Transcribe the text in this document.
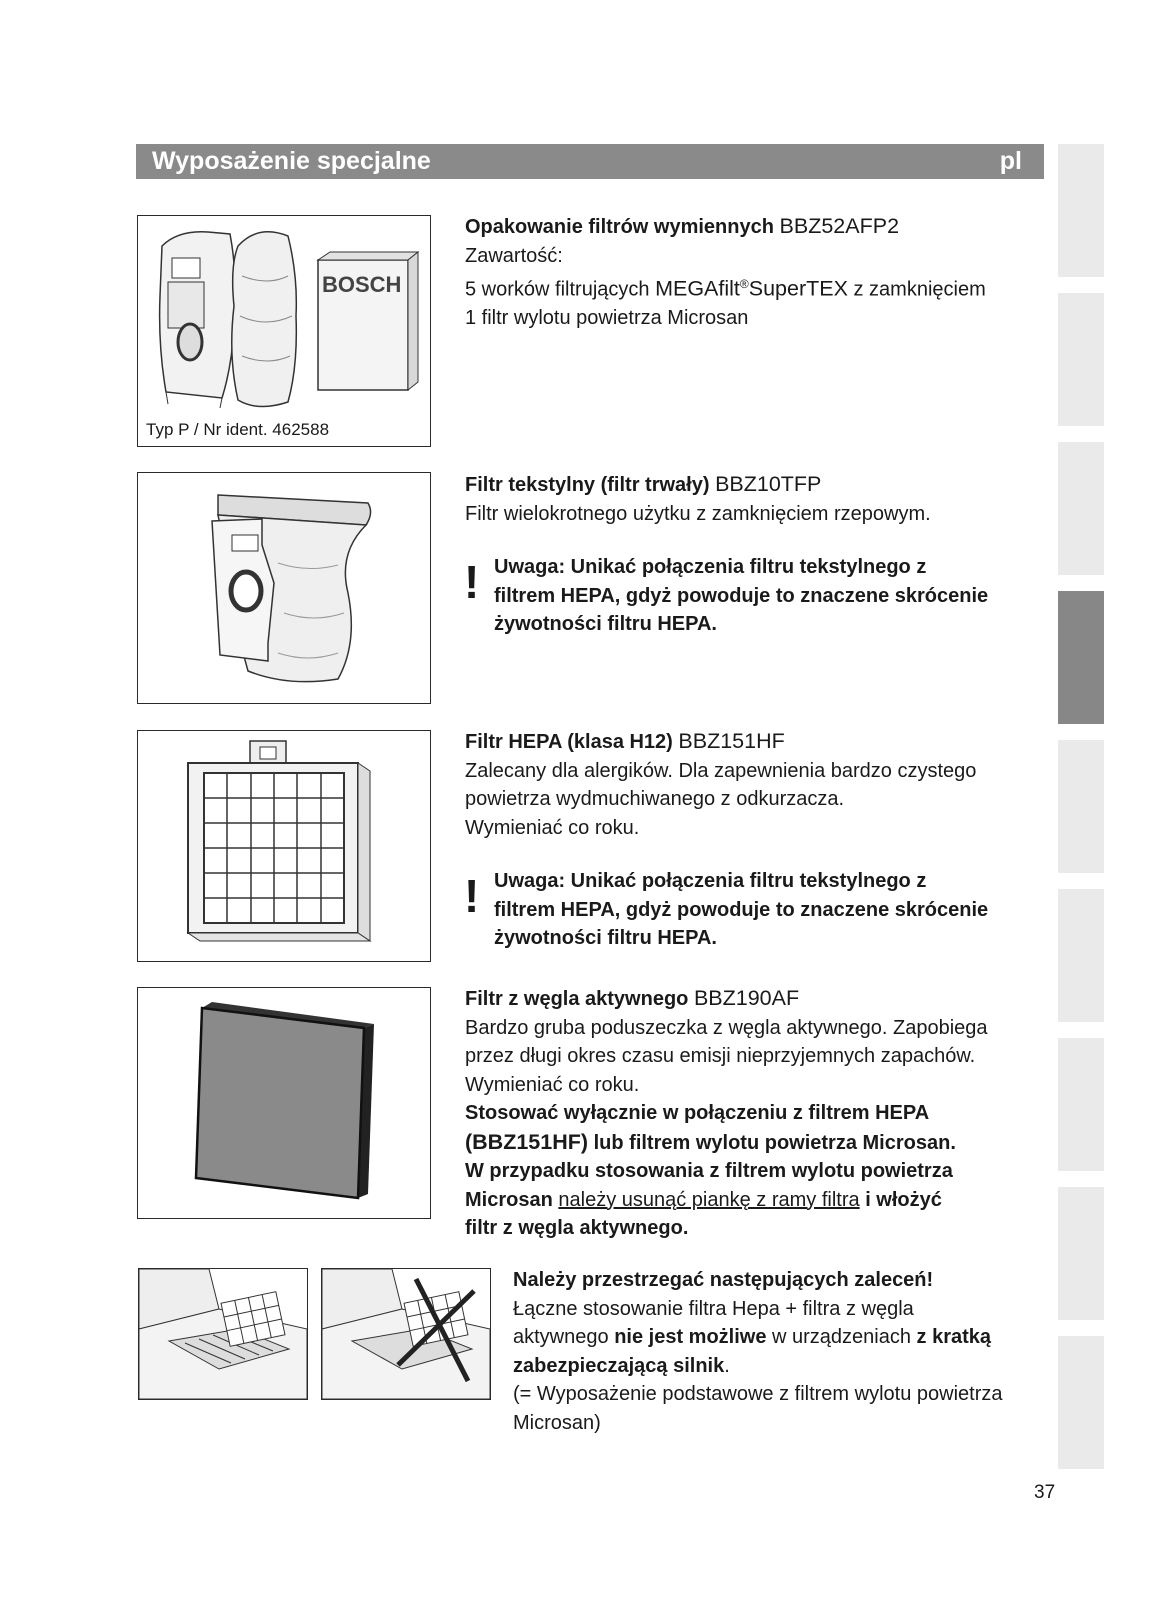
Wyposażenie specjalne	pl
BOSCH
Typ P / Nr ident. 462588

Opakowanie filtrów wymiennych BBZ52AFP2

Zawartość:

5 worków filtrujących MEGAfilt®SuperTEX z zamknięciem

1 filtr wylotu powietrza Microsan

Filtr tekstylny (filtr trwały) BBZ10TFP

Filtr wielokrotnego użytku z zamknięciem rzepowym.

! Uwaga: Unikać połączenia filtru tekstylnego z
filtrem HEPA, gdyż powoduje to znaczene skrócenie
żywotności filtru HEPA.

Filtr HEPA (klasa H12) BBZ151HF

Zalecany dla alergików. Dla zapewnienia bardzo czystego

powietrza wydmuchiwanego z odkurzacza.

Wymieniać co roku.

! Uwaga: Unikać połączenia filtru tekstylnego z
filtrem HEPA, gdyż powoduje to znaczene skrócenie
żywotności filtru HEPA.

Filtr z węgla aktywnego BBZ190AF

Bardzo gruba poduszeczka z węgla aktywnego. Zapobiega

przez długi okres czasu emisji nieprzyjemnych zapachów.

Wymieniać co roku.

Stosować wyłącznie w połączeniu z filtrem HEPA

(BBZ151HF) lub filtrem wylotu powietrza Microsan.

W przypadku stosowania z filtrem wylotu powietrza

Microsan należy usunąć piankę z ramy filtra i włożyć

filtr z węgla aktywnego.

Należy przestrzegać następujących zaleceń!

Łączne stosowanie filtra Hepa + filtra z węgla

aktywnego nie jest możliwe w urządzeniach z kratką

zabezpieczającą silnik.

(= Wyposażenie podstawowe z filtrem wylotu powietrza

Microsan)

37
